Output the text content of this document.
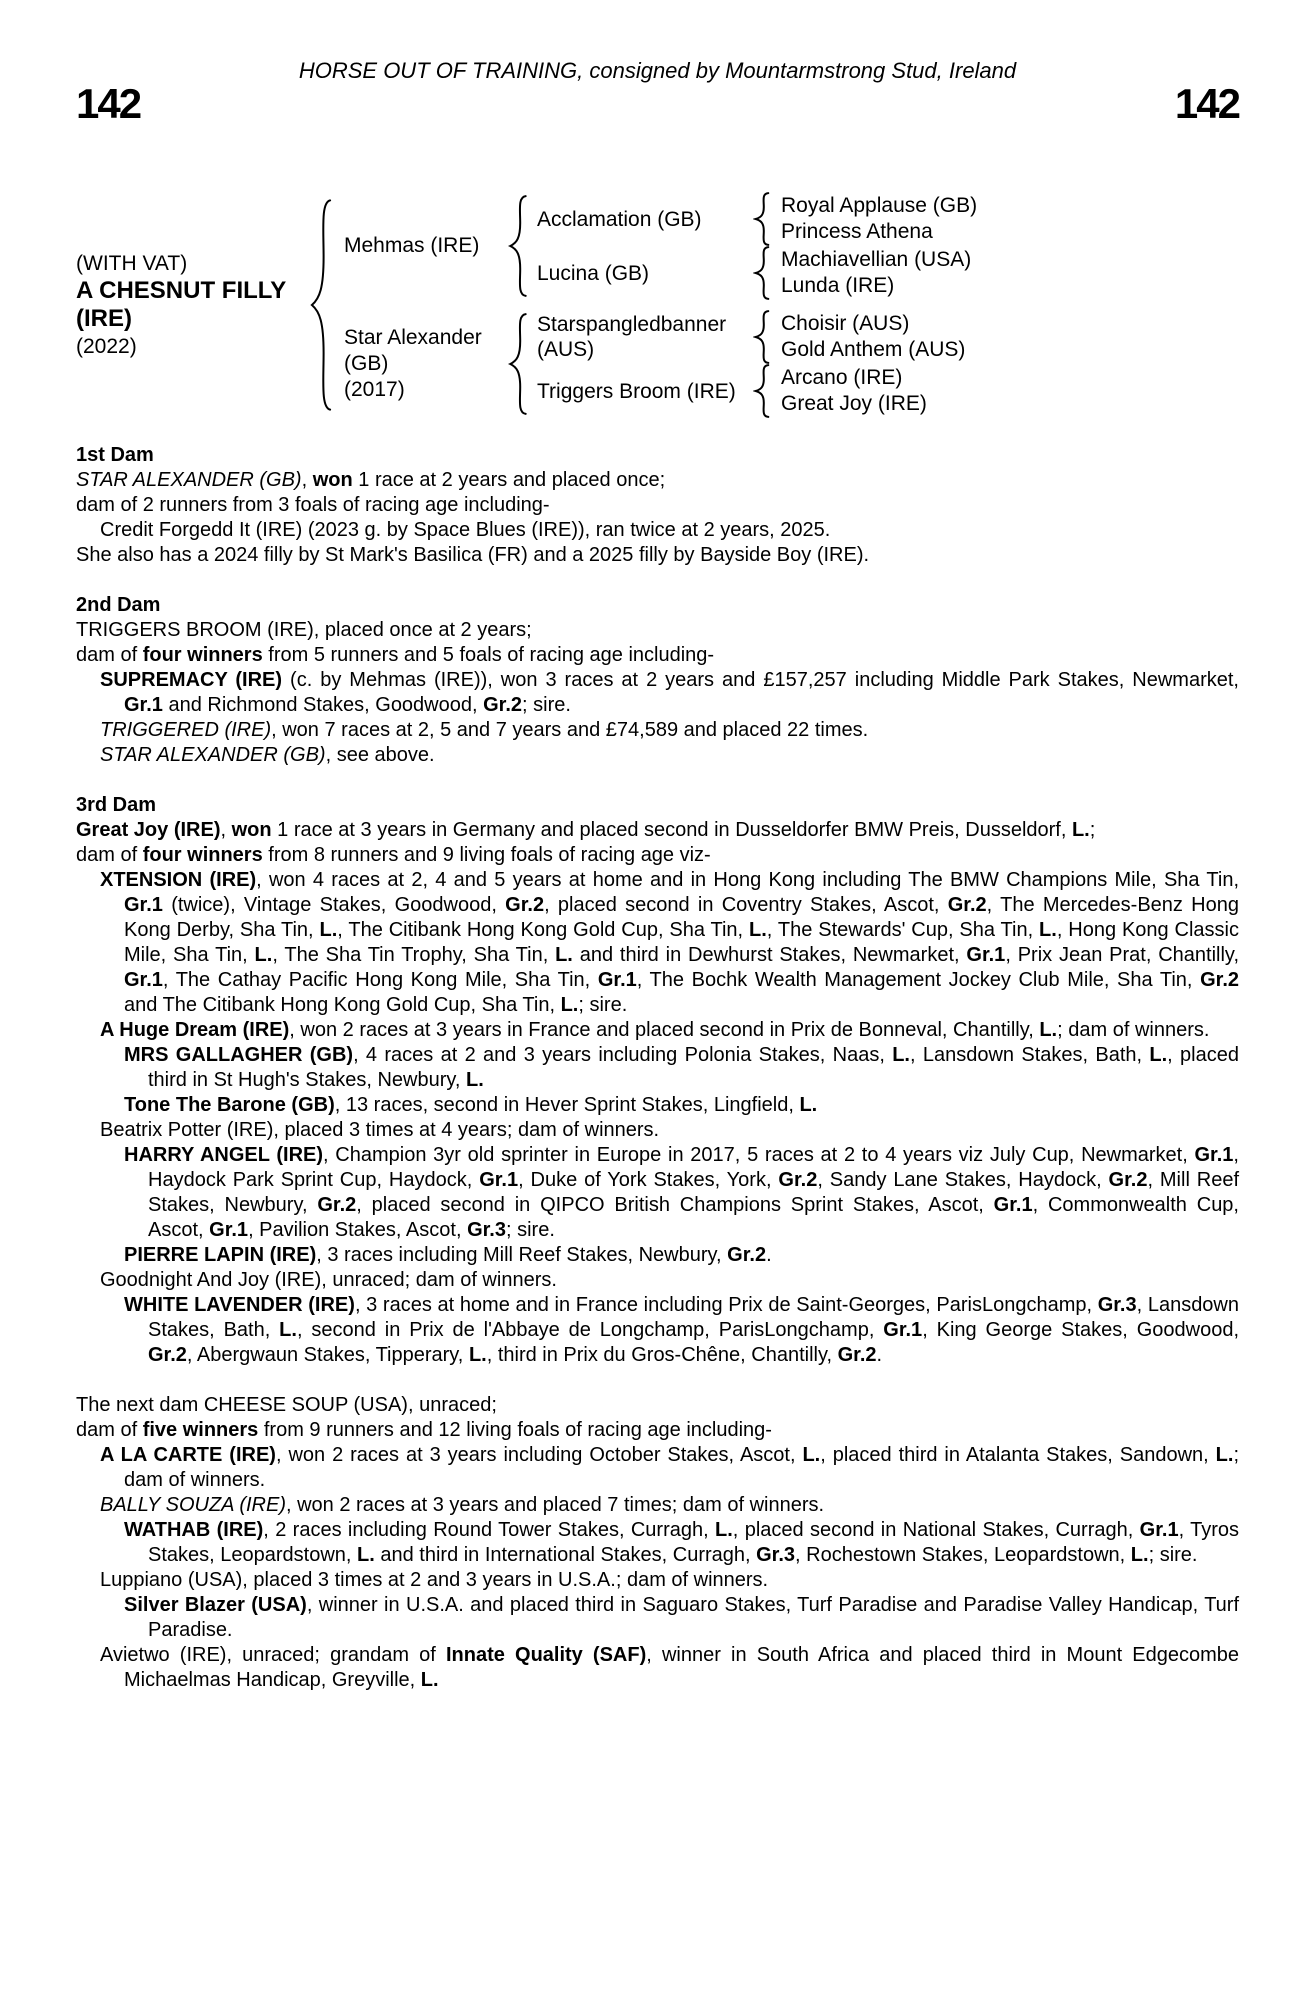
HORSE OUT OF TRAINING, consigned by Mountarmstrong Stud, Ireland
142	142
(WITH VAT)
A CHESNUT FILLY (IRE)
(2022)
Mehmas (IRE)
Acclamation (GB)
Royal Applause (GB)
Princess Athena
Lucina (GB)
Machiavellian (USA)
Lunda (IRE)
Star Alexander (GB)
(2017)
Starspangledbanner (AUS)
Choisir (AUS)
Gold Anthem (AUS)
Triggers Broom (IRE)
Arcano (IRE)
Great Joy (IRE)
1st Dam

STAR ALEXANDER (GB), won 1 race at 2 years and placed once;

dam of 2 runners from 3 foals of racing age including-

Credit Forgedd It (IRE) (2023 g. by Space Blues (IRE)), ran twice at 2 years, 2025.

She also has a 2024 filly by St Mark's Basilica (FR) and a 2025 filly by Bayside Boy (IRE).

2nd Dam

TRIGGERS BROOM (IRE), placed once at 2 years;

dam of four winners from 5 runners and 5 foals of racing age including-

SUPREMACY (IRE) (c. by Mehmas (IRE)), won 3 races at 2 years and £157,257 including Middle Park Stakes, Newmarket, Gr.1 and Richmond Stakes, Goodwood, Gr.2; sire.

TRIGGERED (IRE), won 7 races at 2, 5 and 7 years and £74,589 and placed 22 times.

STAR ALEXANDER (GB), see above.

3rd Dam

Great Joy (IRE), won 1 race at 3 years in Germany and placed second in Dusseldorfer BMW Preis, Dusseldorf, L.;

dam of four winners from 8 runners and 9 living foals of racing age viz-

XTENSION (IRE), won 4 races at 2, 4 and 5 years at home and in Hong Kong including The BMW Champions Mile, Sha Tin, Gr.1 (twice), Vintage Stakes, Goodwood, Gr.2, placed second in Coventry Stakes, Ascot, Gr.2, The Mercedes-Benz Hong Kong Derby, Sha Tin, L., The Citibank Hong Kong Gold Cup, Sha Tin, L., The Stewards' Cup, Sha Tin, L., Hong Kong Classic Mile, Sha Tin, L., The Sha Tin Trophy, Sha Tin, L. and third in Dewhurst Stakes, Newmarket, Gr.1, Prix Jean Prat, Chantilly, Gr.1, The Cathay Pacific Hong Kong Mile, Sha Tin, Gr.1, The Bochk Wealth Management Jockey Club Mile, Sha Tin, Gr.2 and The Citibank Hong Kong Gold Cup, Sha Tin, L.; sire.

A Huge Dream (IRE), won 2 races at 3 years in France and placed second in Prix de Bonneval, Chantilly, L.; dam of winners.

MRS GALLAGHER (GB), 4 races at 2 and 3 years including Polonia Stakes, Naas, L., Lansdown Stakes, Bath, L., placed third in St Hugh's Stakes, Newbury, L.

Tone The Barone (GB), 13 races, second in Hever Sprint Stakes, Lingfield, L.

Beatrix Potter (IRE), placed 3 times at 4 years; dam of winners.

HARRY ANGEL (IRE), Champion 3yr old sprinter in Europe in 2017, 5 races at 2 to 4 years viz July Cup, Newmarket, Gr.1, Haydock Park Sprint Cup, Haydock, Gr.1, Duke of York Stakes, York, Gr.2, Sandy Lane Stakes, Haydock, Gr.2, Mill Reef Stakes, Newbury, Gr.2, placed second in QIPCO British Champions Sprint Stakes, Ascot, Gr.1, Commonwealth Cup, Ascot, Gr.1, Pavilion Stakes, Ascot, Gr.3; sire.

PIERRE LAPIN (IRE), 3 races including Mill Reef Stakes, Newbury, Gr.2.

Goodnight And Joy (IRE), unraced; dam of winners.

WHITE LAVENDER (IRE), 3 races at home and in France including Prix de Saint-Georges, ParisLongchamp, Gr.3, Lansdown Stakes, Bath, L., second in Prix de l'Abbaye de Longchamp, ParisLongchamp, Gr.1, King George Stakes, Goodwood, Gr.2, Abergwaun Stakes, Tipperary, L., third in Prix du Gros-Chêne, Chantilly, Gr.2.

The next dam CHEESE SOUP (USA), unraced;

dam of five winners from 9 runners and 12 living foals of racing age including-

A LA CARTE (IRE), won 2 races at 3 years including October Stakes, Ascot, L., placed third in Atalanta Stakes, Sandown, L.; dam of winners.

BALLY SOUZA (IRE), won 2 races at 3 years and placed 7 times; dam of winners.

WATHAB (IRE), 2 races including Round Tower Stakes, Curragh, L., placed second in National Stakes, Curragh, Gr.1, Tyros Stakes, Leopardstown, L. and third in International Stakes, Curragh, Gr.3, Rochestown Stakes, Leopardstown, L.; sire.

Luppiano (USA), placed 3 times at 2 and 3 years in U.S.A.; dam of winners.

Silver Blazer (USA), winner in U.S.A. and placed third in Saguaro Stakes, Turf Paradise and Paradise Valley Handicap, Turf Paradise.

Avietwo (IRE), unraced; grandam of Innate Quality (SAF), winner in South Africa and placed third in Mount Edgecombe Michaelmas Handicap, Greyville, L.
